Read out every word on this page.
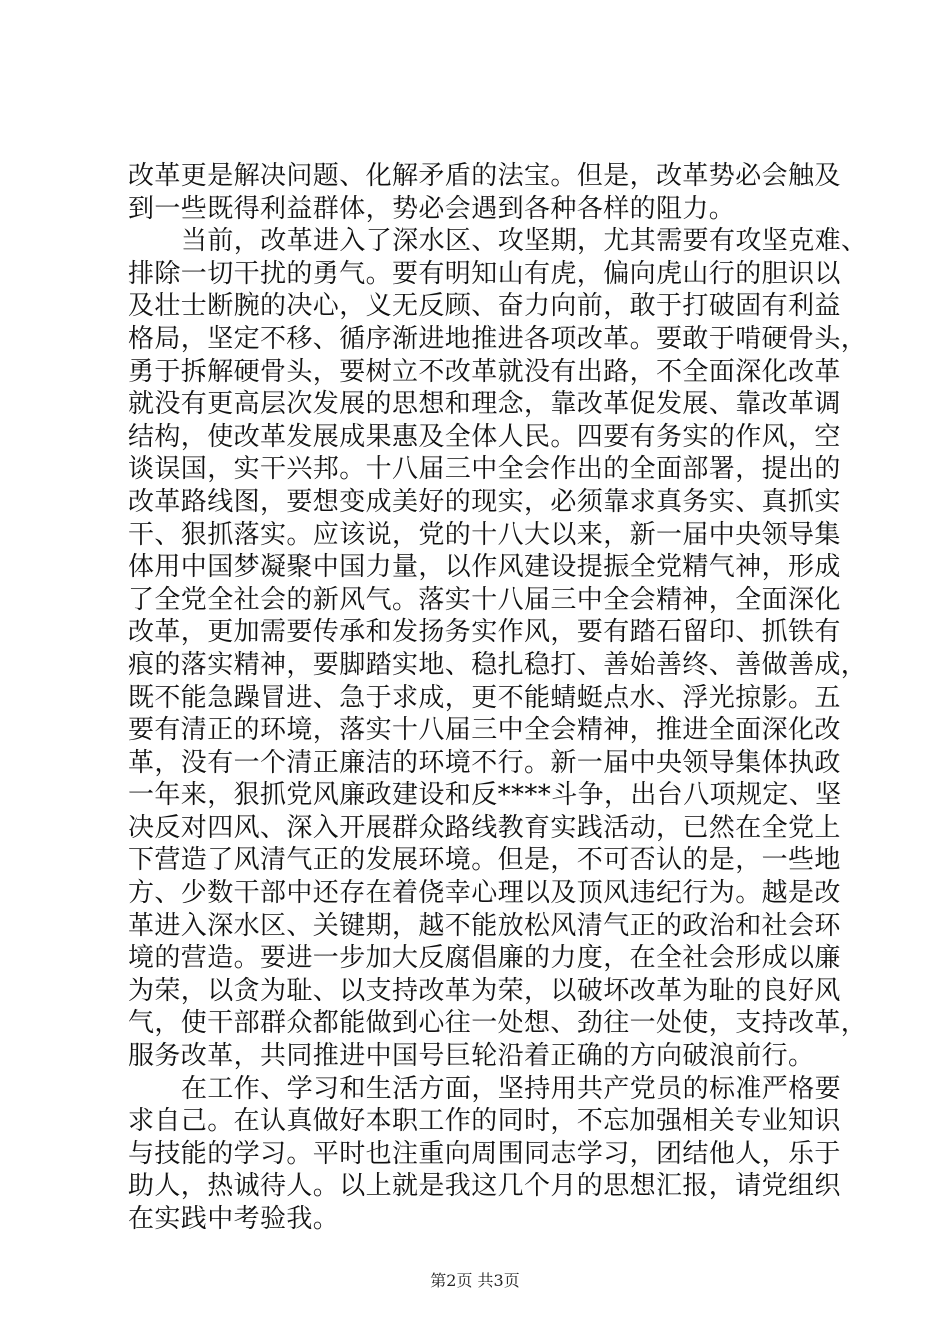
改革更是解决问题、化解矛盾的法宝。但是，改革势必会触及
到一些既得利益群体，势必会遇到各种各样的阻力。
当前，改革进入了深水区、攻坚期，尤其需要有攻坚克难、
排除一切干扰的勇气。要有明知山有虎，偏向虎山行的胆识以
及壮士断腕的决心，义无反顾、奋力向前，敢于打破固有利益
格局，坚定不移、循序渐进地推进各项改革。要敢于啃硬骨头，
勇于拆解硬骨头，要树立不改革就没有出路，不全面深化改革
就没有更高层次发展的思想和理念，靠改革促发展、靠改革调
结构，使改革发展成果惠及全体人民。四要有务实的作风，空
谈误国，实干兴邦。十八届三中全会作出的全面部署，提出的
改革路线图，要想变成美好的现实，必须靠求真务实、真抓实
干、狠抓落实。应该说，党的十八大以来，新一届中央领导集
体用中国梦凝聚中国力量，以作风建设提振全党精气神，形成
了全党全社会的新风气。落实十八届三中全会精神，全面深化
改革，更加需要传承和发扬务实作风，要有踏石留印、抓铁有
痕的落实精神，要脚踏实地、稳扎稳打、善始善终、善做善成，
既不能急躁冒进、急于求成，更不能蜻蜓点水、浮光掠影。五
要有清正的环境，落实十八届三中全会精神，推进全面深化改
革，没有一个清正廉洁的环境不行。新一届中央领导集体执政
一年来，狠抓党风廉政建设和反****斗争，出台八项规定、坚
决反对四风、深入开展群众路线教育实践活动，已然在全党上
下营造了风清气正的发展环境。但是，不可否认的是，一些地
方、少数干部中还存在着侥幸心理以及顶风违纪行为。越是改
革进入深水区、关键期，越不能放松风清气正的政治和社会环
境的营造。要进一步加大反腐倡廉的力度，在全社会形成以廉
为荣，以贪为耻、以支持改革为荣，以破坏改革为耻的良好风
气，使干部群众都能做到心往一处想、劲往一处使，支持改革，
服务改革，共同推进中国号巨轮沿着正确的方向破浪前行。
在工作、学习和生活方面，坚持用共产党员的标准严格要
求自己。在认真做好本职工作的同时，不忘加强相关专业知识
与技能的学习。平时也注重向周围同志学习，团结他人，乐于
助人，热诚待人。以上就是我这几个月的思想汇报，请党组织
在实践中考验我。
第2页 共3页
